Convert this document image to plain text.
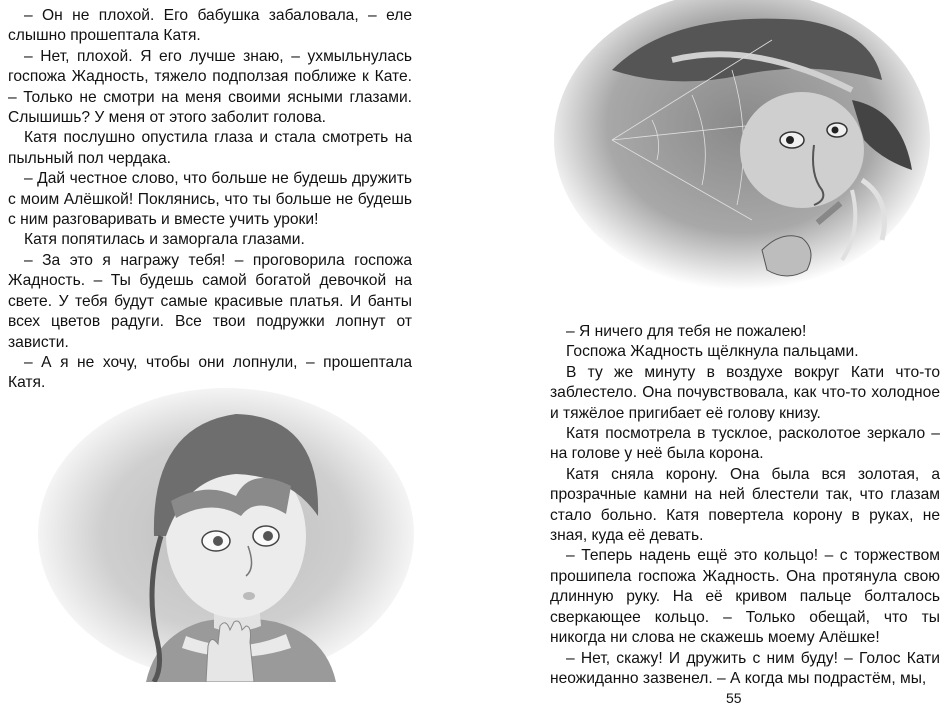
– Он не плохой. Его бабушка забаловала, – еле слышно прошептала Катя.

– Нет, плохой. Я его лучше знаю, – ухмыльнулась госпожа Жадность, тяжело подползая поближе к Кате. – Только не смотри на меня своими ясными глазами. Слышишь? У меня от этого заболит голова.

Катя послушно опустила глаза и стала смотреть на пыльный пол чердака.

– Дай честное слово, что больше не будешь дружить с моим Алёшкой! Поклянись, что ты больше не будешь с ним разговаривать и вместе учить уроки!

Катя попятилась и заморгала глазами.

– За это я награжу тебя! – проговорила госпожа Жадность. – Ты будешь самой богатой девочкой на свете. У тебя будут самые красивые платья. И банты всех цветов радуги. Все твои подружки лопнут от зависти.

– А я не хочу, чтобы они лопнули, – прошептала Катя.

– Я ничего для тебя не пожалею!

Госпожа Жадность щёлкнула пальцами.

В ту же минуту в воздухе вокруг Кати что-то заблестело. Она почувствовала, как что-то холодное и тяжёлое пригибает её голову книзу.

Катя посмотрела в тусклое, расколотое зеркало – на голове у неё была корона.

Катя сняла корону. Она была вся золотая, а прозрачные камни на ней блестели так, что глазам стало больно. Катя повертела корону в руках, не зная, куда её девать.

– Теперь надень ещё это кольцо! – с торжеством прошипела госпожа Жадность. Она протянула свою длинную руку. На её кривом пальце болталось сверкающее кольцо. – Только обещай, что ты никогда ни слова не скажешь моему Алёшке!

– Нет, скажу! И дружить с ним буду! – Голос Кати неожиданно зазвенел. – А когда мы подрастём, мы,

55
